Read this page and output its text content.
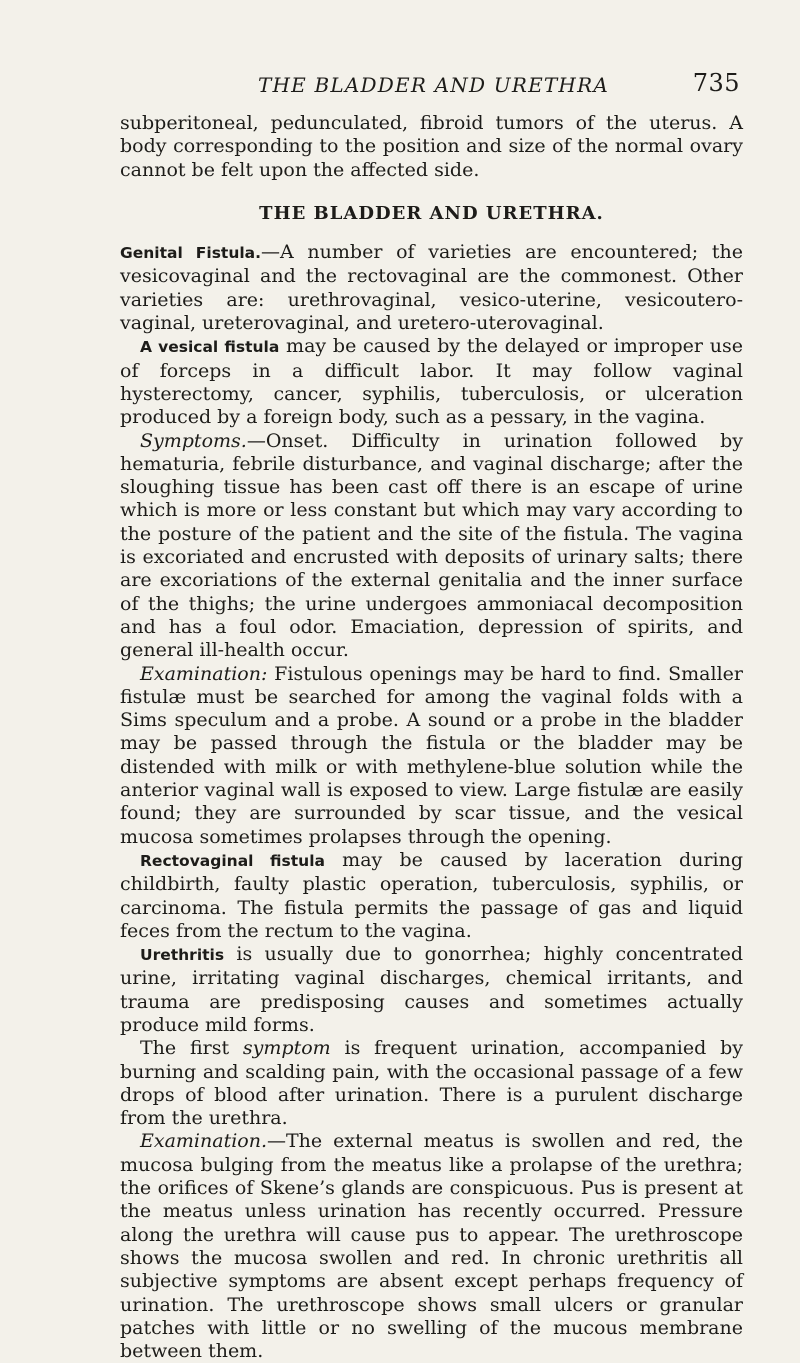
THE BLADDER AND URETHRA	735

subperitoneal, pedunculated, fibroid tumors of the uterus. A body corresponding to the position and size of the normal ovary cannot be felt upon the affected side.

THE BLADDER AND URETHRA.

Genital Fistula.—A number of varieties are encountered; the vesicovaginal and the rectovaginal are the commonest. Other varieties are: urethrovaginal, vesico-uterine, vesicoutero-vaginal, ureterovaginal, and uretero-uterovaginal.

A vesical fistula may be caused by the delayed or improper use of forceps in a difficult labor. It may follow vaginal hysterectomy, cancer, syphilis, tuberculosis, or ulceration produced by a foreign body, such as a pessary, in the vagina.

Symptoms.—Onset. Difficulty in urination followed by hematuria, febrile disturbance, and vaginal discharge; after the sloughing tissue has been cast off there is an escape of urine which is more or less constant but which may vary according to the posture of the patient and the site of the fistula. The vagina is excoriated and encrusted with deposits of urinary salts; there are excoriations of the external genitalia and the inner surface of the thighs; the urine undergoes ammoniacal decomposition and has a foul odor. Emaciation, depression of spirits, and general ill-health occur.

Examination: Fistulous openings may be hard to find. Smaller fistulæ must be searched for among the vaginal folds with a Sims speculum and a probe. A sound or a probe in the bladder may be passed through the fistula or the bladder may be distended with milk or with methylene-blue solution while the anterior vaginal wall is exposed to view. Large fistulæ are easily found; they are surrounded by scar tissue, and the vesical mucosa sometimes prolapses through the opening.

Rectovaginal fistula may be caused by laceration during childbirth, faulty plastic operation, tuberculosis, syphilis, or carcinoma. The fistula permits the passage of gas and liquid feces from the rectum to the vagina.

Urethritis is usually due to gonorrhea; highly concentrated urine, irritating vaginal discharges, chemical irritants, and trauma are predisposing causes and sometimes actually produce mild forms.

The first symptom is frequent urination, accompanied by burning and scalding pain, with the occasional passage of a few drops of blood after urination. There is a purulent discharge from the urethra.

Examination.—The external meatus is swollen and red, the mucosa bulging from the meatus like a prolapse of the urethra; the orifices of Skene’s glands are conspicuous. Pus is present at the meatus unless urination has recently occurred. Pressure along the urethra will cause pus to appear. The urethroscope shows the mucosa swollen and red. In chronic urethritis all subjective symptoms are absent except perhaps frequency of urination. The urethroscope shows small ulcers or granular patches with little or no swelling of the mucous membrane between them.
